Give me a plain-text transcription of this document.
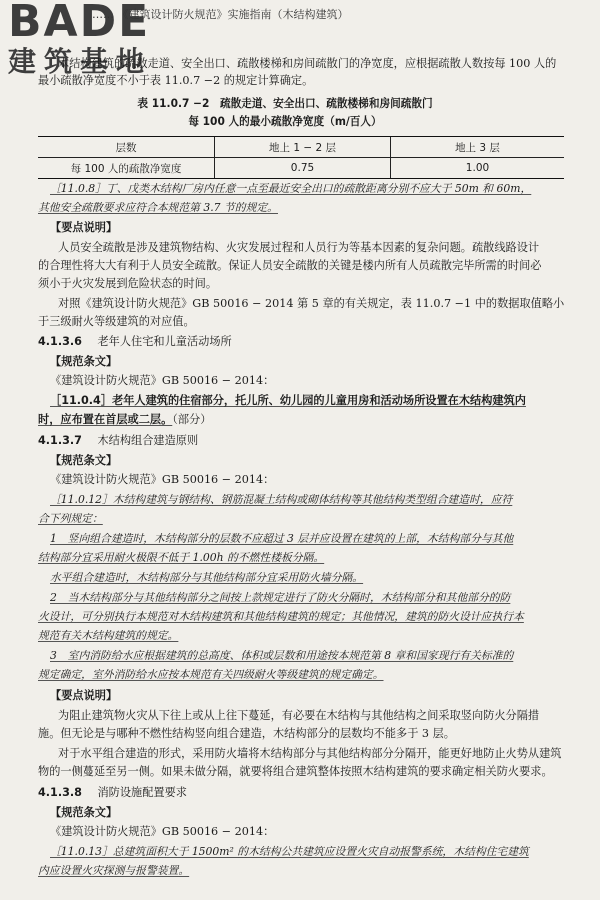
BADE
建筑基地
…… 《建筑设计防火规范》实施指南（木结构建筑）
木结构建筑的疏散走道、安全出口、疏散楼梯和房间疏散门的净宽度，应根据疏散人数按每 100 人的
最小疏散净宽度不小于表 11.0.7 −2 的规定计算确定。
表 11.0.7 −2　疏散走道、安全出口、疏散楼梯和房间疏散门
每 100 人的最小疏散净宽度（m/百人）
层数	地上 1 − 2 层	地上 3 层
每 100 人的疏散净宽度	0.75	1.00
［11.0.8］丁、戊类木结构厂房内任意一点至最近安全出口的疏散距离分别不应大于 50m 和 60m，
其他安全疏散要求应符合本规范第 3.7 节的规定。
【要点说明】
人员安全疏散是涉及建筑物结构、火灾发展过程和人员行为等基本因素的复杂问题。疏散线路设计
的合理性将大大有利于人员安全疏散。保证人员安全疏散的关键是楼内所有人员疏散完毕所需的时间必
须小于火灾发展到危险状态的时间。
对照《建筑设计防火规范》GB 50016 − 2014 第 5 章的有关规定，表 11.0.7 −1 中的数据取值略小
于三级耐火等级建筑的对应值。
4.1.3.6 老年人住宅和儿童活动场所
【规范条文】
《建筑设计防火规范》GB 50016 − 2014：
［11.0.4］老年人建筑的住宿部分，托儿所、幼儿园的儿童用房和活动场所设置在木结构建筑内
时，应布置在首层或二层。（部分）
4.1.3.7 木结构组合建造原则
【规范条文】
《建筑设计防火规范》GB 50016 − 2014：
［11.0.12］木结构建筑与钢结构、钢筋混凝土结构或砌体结构等其他结构类型组合建造时，应符
合下列规定：
1　竖向组合建造时，木结构部分的层数不应超过 3 层并应设置在建筑的上部，木结构部分与其他
结构部分宜采用耐火极限不低于 1.00h 的不燃性楼板分隔。
水平组合建造时，木结构部分与其他结构部分宜采用防火墙分隔。
2　当木结构部分与其他结构部分之间按上款规定进行了防火分隔时，木结构部分和其他部分的防
火设计，可分别执行本规范对木结构建筑和其他结构建筑的规定；其他情况，建筑的防火设计应执行本
规范有关木结构建筑的规定。
3　室内消防给水应根据建筑的总高度、体积或层数和用途按本规范第 8 章和国家现行有关标准的
规定确定，室外消防给水应按本规范有关四级耐火等级建筑的规定确定。
【要点说明】
为阻止建筑物火灾从下往上或从上往下蔓延，有必要在木结构与其他结构之间采取竖向防火分隔措
施。但无论是与哪种不燃性结构竖向组合建造，木结构部分的层数均不能多于 3 层。
对于水平组合建造的形式，采用防火墙将木结构部分与其他结构部分分隔开，能更好地防止火势从建筑
物的一侧蔓延至另一侧。如果未做分隔，就要将组合建筑整体按照木结构建筑的要求确定相关防火要求。
4.1.3.8 消防设施配置要求
【规范条文】
《建筑设计防火规范》GB 50016 − 2014：
［11.0.13］总建筑面积大于 1500m² 的木结构公共建筑应设置火灾自动报警系统，木结构住宅建筑
内应设置火灾探测与报警装置。
